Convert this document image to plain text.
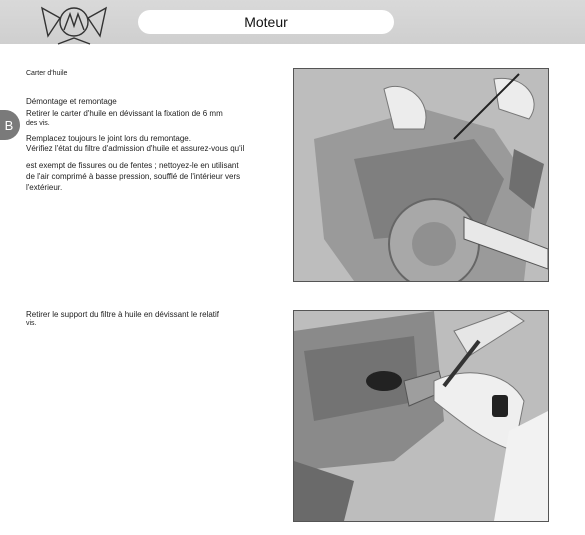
Moteur
B

Carter d'huile

Démontage et remontage

Retirer le carter d'huile en dévissant la fixation de 6 mm

des vis.

Remplacez toujours le joint lors du remontage.

Vérifiez l'état du filtre d'admission d'huile et assurez-vous qu'il

est exempt de fissures ou de fentes ; nettoyez-le en utilisant

de l'air comprimé à basse pression, soufflé de l'intérieur vers

l'extérieur.

Retirer le support du filtre à huile en dévissant le relatif

vis.
